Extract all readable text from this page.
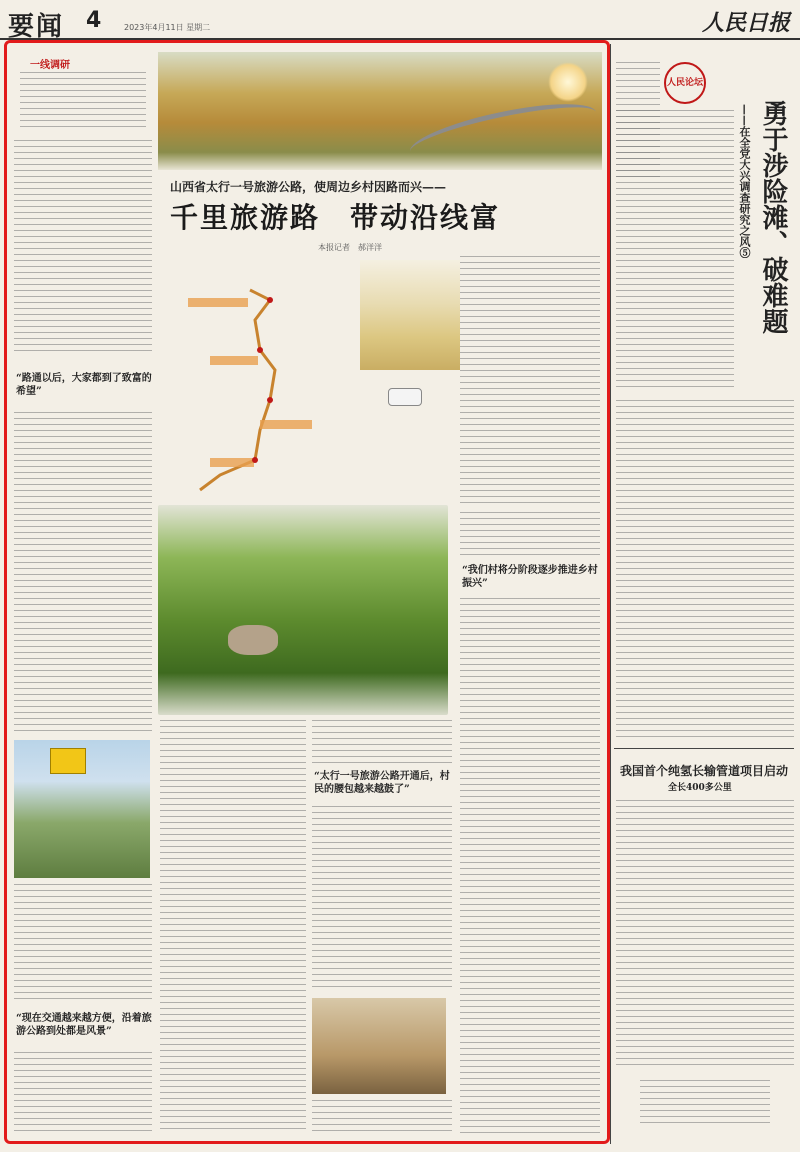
要闻 4	2023年4月11日 星期二	人民日报
一线调研
“路通以后，大家都到了致富的希望”
“现在交通越来越方便，沿着旅游公路到处都是风景”
山西省太行一号旅游公路，使周边乡村因路而兴——
千里旅游路　带动沿线富
本报记者　郝洋洋
“我们村将分阶段逐步推进乡村振兴”
“太行一号旅游公路开通后，村民的腰包越来越鼓了”
人民论坛
勇于涉险滩、破难题
——在全党大兴调查研究之风⑤
我国首个纯氢长输管道项目启动
全长400多公里
